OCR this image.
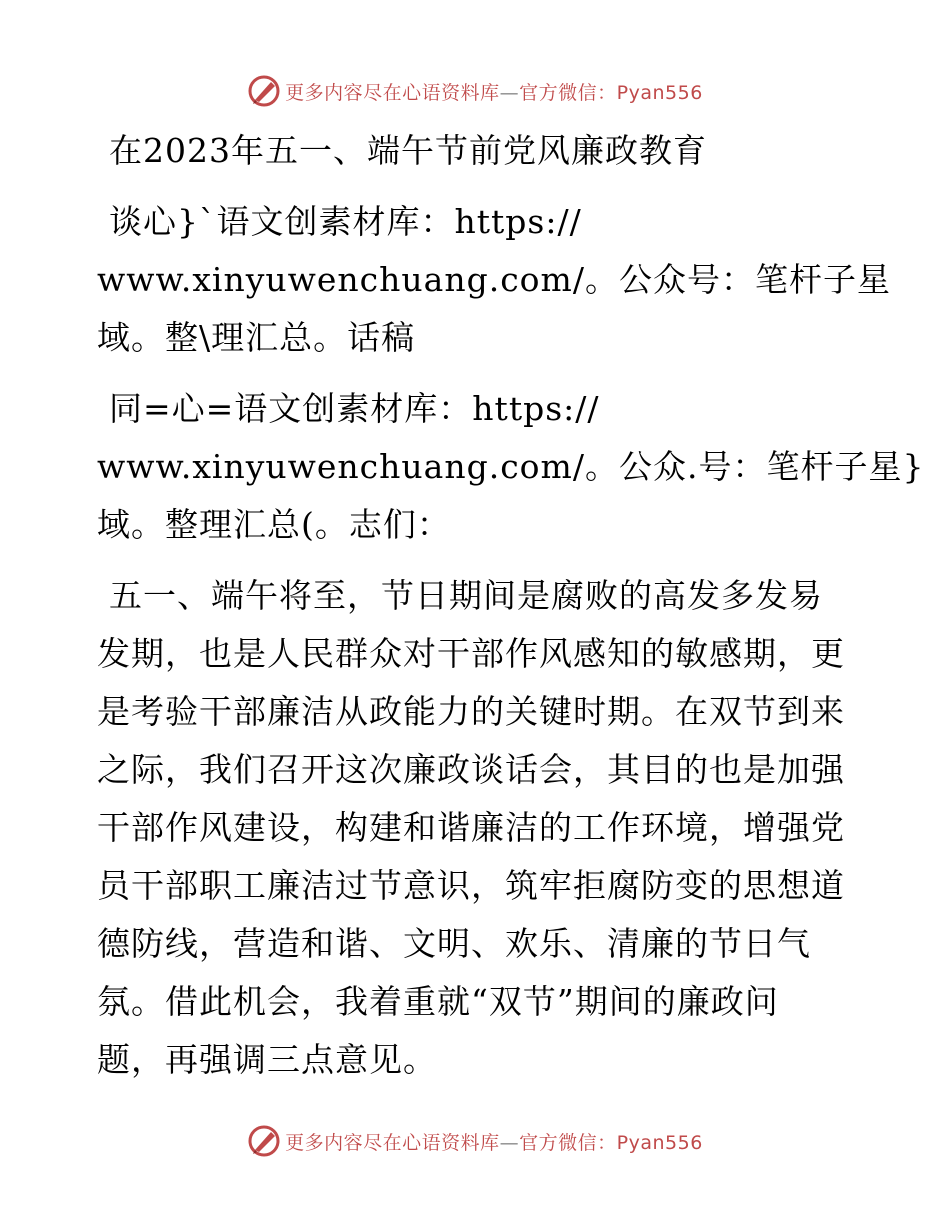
更多内容尽在心语资料库—官方微信：Pyan556
在2023年五一、端午节前党风廉政教育
谈心}`语文创素材库：https://
www.xinyuwenchuang.com/。公众号：笔杆子星
域。整\理汇总。话稿
同=心=语文创素材库：https://
www.xinyuwenchuang.com/。公众.号：笔杆子星}
域。整理汇总(。志们：
五一、端午将至，节日期间是腐败的高发多发易
发期，也是人民群众对干部作风感知的敏感期，更
是考验干部廉洁从政能力的关键时期。在双节到来
之际，我们召开这次廉政谈话会，其目的也是加强
干部作风建设，构建和谐廉洁的工作环境，增强党
员干部职工廉洁过节意识，筑牢拒腐防变的思想道
德防线，营造和谐、文明、欢乐、清廉的节日气
氛。借此机会，我着重就“双节”期间的廉政问
题，再强调三点意见。
更多内容尽在心语资料库—官方微信：Pyan556
